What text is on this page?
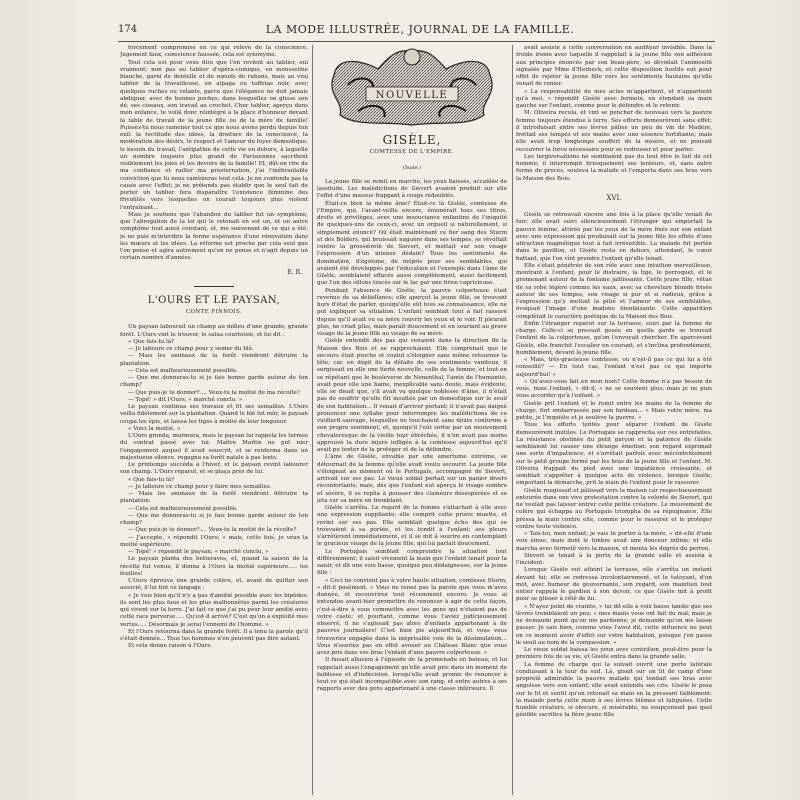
174	LA MODE ILLUSTRÉE, JOURNAL DE LA FAMILLE.

forcément compromise en ce qui relève de la conscience. Jugement faux, conscience faussée, cela est synonyme.

Tout cela est pour vous dire que l'on revient au tablier, oui vraiment; non pas au tablier d'opéra-comique, en mousseline blanche, garni de dentelle et de nœuds de rubans, mais au vrai tablier de la travailleuse, en alpaga ou taffetas noir, avec quelques ruches ou volants, parce que l'élégance ne doit jamais abdiquer, avec de bonnes poches, dans lesquelles on glisse son dé, ses ciseaux, son travail au crochet. Cher tablier, aperçu dans mon enfance, te voilà donc réintégré à la place d'honneur devant la table de travail de la jeune fille ou de la mère de famille! Puisses-tu nous ramener tout ce que nous avons perdu depuis ton exil: la rectitude des idées, la droiture de la conscience, la modération des désirs, le respect et l'amour du foyer domestique, le besoin du travail, l'antipathie de cette vie en dehors, à laquelle un nombre toujours plus grand de Parisiennes sacrifient visiblement les joies et les devoirs de la famille! Et, dût-on rire de ma confiance et railler ma prosternation, j'ai l'inébranlable conviction que tu nous ramèneras tout cela. Je ne confonds pas la cause avec l'effet; je ne prétends pas établir que le seul fait de porter un tablier fera disparaître l'existence féminine des frivolités vers lesquelles on courait toujours plus violent l'entraînant...

Mais je soutiens que l'abandon du tablier fut un symptôme, que l'abrogation de la loi qui le retenait en est un, et un autre symptôme tout aussi constant, et, me souvenant de ce qui a été, je ne puis m'interdire la ferme espérance d'une rénovation dans les mœurs et les idées. La réforme est proche par cela seul que l'on pense et agira autrement qu'on ne pense et n'agit depuis un certain nombre d'années.

E. R.

L'OURS ET LE PAYSAN,
CONTE FINNOIS.

Un paysan labourait un champ au milieu d'une grande, grande forêt. L'Ours vint le trouver, le salua courtoisie, et lui dit :

« Que fais-tu là?

— Je laboure ce champ pour y semer du blé.

— Mais les animaux de la forêt viendront détruire ta plantation.

— Cela est malheureusement possible.

— Que me donneras-tu si je fais bonne garde autour de ton champ?

— Que puis-je te donner?.... Veux-tu la moitié de ma récolte?

— Topé! » dit l'Ours; « marché conclu. »

Le paysan continua ses travaux et fit ses semailles. L'Ours veilla fidèlement sur la plantation. Quand le blé fut mûr, le paysan coupa les épis, et laissa les tiges à moitié de leur longueur.

« Voici la moitié. »

L'Ours gronda, murmura, mais le paysan lui rappela les termes du contrat passé avec lui. Maître Martin ne put nier l'engagement auquel il avait souscrit, et se renferma dans un majestueux silence, regagna sa forêt natale à pas lents.

Le printemps succéda à l'hiver, et le paysan revint labourer son champ. L'Ours reparut, et se plaça près de lui.

« Que fais-tu là?

— Je laboure ce champ pour y faire mes semailles.

— Mais les animaux de la forêt viendront détruire ta plantation.

— Cela est malheureusement possible.

— Que me donneras-tu si je fais bonne garde autour de ton champ?

— Que puis-je te donner?.... Veux-tu la moitié de la récolte?

— J'accepte, » répondit l'Ours; « mais, cette fois, je veux la moitié supérieure.

— Topé! » répondit le paysan; « marché conclu. »

Le paysan planta des betteraves, et, quand la saison de la récolte fut venue, il donna à l'Ours la moitié supérieure..... les feuilles!

L'Ours éprouva une grande colère, et, avant de quitter son associé, il lui tint ce langage :

« Je vois bien qu'il n'y a pas d'amitié possible avec les bipèdes: ils sont les plus faux et les plus malhonnêtes parmi les créatures qui vivent sur la terre. J'ai fait ce que j'ai pu pour leur amitié avec cette race perverse..... Qu'est-il arrivé? C'est qu'on a exploité mes vertus..... Désormais je serai l'ennemi de l'homme. »

Et l'Ours retourna dans la grande forêt. Il a tenu la parole qu'il s'était donnée... Tous les hommes n'en peuvent pas dire autant.

Et cela donne raison à l'Ours.

NOUVELLE
GISÈLE,
COMTESSE DE L'EMPIRE.
(Suite.)

La jeune fille se remit en marche, les yeux baissés, accablée de lassitude. Les malédictions de Sievert avaient produit sur elle l'effet d'une massue frappant à coups redoublés.

Était-ce bien la même âme? Était-ce là Gisèle, comtesse de l'Empire, qui, l'avant-veille encore, énumérait tous ses titres, droits et privilèges, avec une insouciance enfantine de l'iniquité de quelques-uns de ceux-ci, avec un orgueil si naturellement, si simplement énoncé? Où était maintenant ce fier sang des Sturm et des Bolders, qui bruissait naguère dans ses tempes, se révoltait contre la grossièreté de Sievert, et mettait sur son visage l'expression d'un intense dédain? Tous les sentiments de domination, d'égoïsme, de mépris pour ses semblables, qui avaient été développés par l'éducation et l'exemple dans l'âme de Gisèle, semblaient effacés aussi complètement, aussi facilement que l'un des sillons tracés sur le lac par une brise capricieuse.

Pendant l'absence de Gisèle, la pauvre colporteuse était revenue de sa défaillance; elle aperçut la jeune fille, se trouvant hors d'état de parler, quoiqu'elle eût tous sa connaissance, elle ne put expliquer sa situation. L'enfant semblait tout à fait rassuré depuis qu'il avait vu sa mère rouvrir les yeux et le voir. Il pleurait plus, ne criait plus, mais paraît doucement et en souriant au grave visage de la jeune fille au visage de sa mère.

Gisèle entendit des pas qui venaient dans la direction de la Maison des Bois et se rapprochaient. Elle comprenait que le secours était proche et voulut s'éloigner sans même retourner la tête; car, en dépit de la défaite de ses sentiments vaniteux, il surgissait en elle une fierté nouvelle, celle de la femme, et tout en se répétant que le bouleverse de Nenenthal, l'amie de l'humanité, avait pour elle une haine, inexplicable sans doute, mais évidente, elle se disait que, s'il avait vu quelque noblesse d'âme, il n'était pas de souffrir qu'elle fût insultée par un domestique sur le seuil de son habitation... Il venait d'arriver portant; il n'avait pas daigné prononcer une syllabe pour interrompre les malédictions de ce vieillard sauvage, lesquelles ne touchaient sans doute conforme à son propre sentiment, et, quoiqu'il l'eût sortie par un mouvement chevaleresque de la vieille tour ébréchée, il n'en avait pas moins approuvé la dure injure infligée à la comtesse aujourd'hui qu'il avait pu tenter de la protéger et de la défendre.

L'âme de Gisèle, envahie par une amertume extrême, se détournait de la femme qu'elle avait voulu secourir. La jeune fille s'éloignait au moment où le Portugais, accompagné de Sievert, arrivait sur ses pas. Le vieux soldat portait sur un panier divers réconfortants; mais, dès que l'enfant eut aperçu le visage sombre et sévère, il se replia à pousser des clameurs désespérées et se jeta sur sa mère en tremblant.

Gisèle s'arrêta. Le regard de la femme s'attachait à elle avec une expression suppliante; elle comprit cette prière muette, et revint sur ses pas. Elle semblait quelque écho des qui se trouvaient à sa portée, et les tendit à l'enfant; ses pleurs s'arrêtèrent immédiatement, et il se mit à sourire en contemplant le gracieux visage de la jeune fille, qui lui parlait doucement.

Le Portugais semblait comprendre la situation tout différemment; il saisit vivement la main que l'enfant tenait pour la saisir, et dit une voix basse, quoique peu dédaigneuse, sur la jeune fille :

« Ceci ne convient pas à votre haute situation, comtesse Sturm, » dit-il posément. « Vous ne tenez pas la parole que vous m'avez donnée, et recouvrirez tout récemment encore. Je vous ai entendue avant-hier promettre de renoncer à agir de cette façon, c'est-à-dire à vous commettre avec les gens qui n'étaient pas de votre caste; et pourtant, comme vous l'aviez judicieusement observé, il ne s'agissait pas alors d'enfants appartenant à de pauvres journaliers! C'est bien pis aujourd'hui, et vous vous trouveriez engagée dans la méprisable voie de la dissimulation... Vous n'oseriez pas en effet avouer au Château Blanc que vous avez pris dans vos bras l'enfant d'une pauvre colporteuse. »

Il faisait allusion à l'épisode de la promenade en bateau, et lui rappelait aussi l'engagement qu'elle avait pris dans un moment de faiblesse et d'indécision, lorsqu'elle avait promis de renoncer à tout ce qui était incompatible avec son rang, et entre autres à ses rapports avec des gens appartenant à une classe inférieure. Il

avait assisté à cette conversation en auditeur invisible. Dans la froide ironie avec laquelle il rappelait à la jeune fille son adhésion aux principes énoncés par son beau-père, se dévoilait l'animosité signalée par Mme d'Herbeck, et cette disposition hostile eut pour effet de rejeter la jeune fille vers les sentiments hautains qu'elle venait de renier.

« La responsabilité de mes actes m'appartient, et n'appartient qu'à moi, » répondit Gisèle avec fermeté, en étendant sa main gauche sur l'enfant, comme pour le défendre et le retenir.

M. Oliveira recula, et vint se pencher de nouveau vers la pauvre femme toujours étendue à terre. Ses efforts demeurèrent sans effet; il introduisait entre ses lèvres pâlies un peu de vin de Madère, frottait ses tempes et ses mains avec une essence fortifiante; mais elle avait trop longtemps souffert de la misère, et ne pouvait recouvrer la force nécessaire pour se redresser et pour parler.

Les tergiversations ne semblaient pas du tout être le fait de cet homme; il interrompit brusquement ses lenteurs, et, sans autre forme de procès, souleva la malade et l'emporta dans ses bras vers la Maison des Bois.

XVI.

Gisèle se retrouvait encore une fois à la place qu'elle venait de fuir; elle avait suivi silencieusement l'étranger qui emportait la pauvre femme, attirée par les yeux de la mère fixés sur son enfant avec une expression qui produisait sur la jeune fille les effets d'une attraction magnétique tout à fait irrésistible. La malade fut portée dans le pavillon, et Gisèle resta en dehors, attendant, le cœur battant, que l'on vînt prendre l'enfant qu'elle tenait.

Elle s'était pénétrée de son rôle avec une intuition merveilleuse, montrant à l'enfant, pour le distraire, la tige, le perroquet, et le promenant autour de la fontaine jaillissante. Cette jeune fille, vêtue de sa robe légère comme les eaux, avec sa chevelure blonde frisée autour de ses tempes, son visage si pur et si radieux, grâce à l'expression qu'y mettait la pitié et l'amour de ses semblables, évoquait l'image d'une madone bienfaisante. Cette apparition complétait le caractère poétique de la Maison des Bois.

Enfin l'étranger reparut sur la terrasse, suivi par la femme de charge. Celle-ci se pressait posée en quelle garde se trouvait l'enfant de la colporteuse, qu'on l'envoyait chercher. En apercevant Gisèle, elle franchit l'escalier en courant, et s'inclina profondément, humblement, devant la jeune fille.

« Mais, très-gracieuse comtesse, ou n'est-il pas ce qui lui a été conseillé? — En tout cas, l'enfant n'est pas ce qui importe aujourd'hui! »

« Qu'avez-vous fait en mon nom? Cette femme n'a pas besoin de vous, mais l'enfant, » dit-il, « ne se souvient plus; mais je ne puis vous accorder qu'à l'enfant. »

Gisèle prit l'enfant et le remit entre les mains de la femme de charge, fort embarrassée par son fardeau... « Mais votre mère, ma petite, je l'inquiète et je soulève la guerre. »

Tous les efforts tentés pour séparer l'enfant de Gisèle demeurèrent inutiles. Le Portugais se rapprocha sur ces entrefaites. La résistance obstinée du petit garçon et la patience de Gisèle semblaient lui causer une étrange émotion; son regard exprimait une sorte d'impatience, et s'arrêtait parfois avec mécontentement sur le petit groupe formé par les bras de la jeune fille et l'enfant. M. Oliveira frappait du pied avec une impatience croissante, et semblait s'apprêter à quelque acte de violence, lorsque Gisèle, emportant la démarche, prit la main de l'enfant pour le rassurer.

Gisèle rougissait et pâlissait vers la maison car respectueusement entourée dans une vive protestation contre la volonté de Sievert, qui ne voulait pas laisser entrer cette petite créature. Le mouvement de colère qui échappa au Portugais triompha de sa répugnance. Elle pressa la main contre elle, comme pour le rassurer et le protéger contre toute violence.

« Tais-toi, mon enfant; je vais te porter à ta mère, » dit-elle d'une voix émue, mais dont le timbre avait une douceur infinie; et elle marcha avec fermeté vers la maison, et monta les degrés du perron.

Sievert se tenait à la porte de la grande salle et assista à l'incident.

Lorsque Gisèle eut atteint la terrasse, elle s'arrêta un instant devant lui; elle se redressa involontairement, et le tutoyant, d'un mot, avec humeur de gouvernante, son regard, son maintien tout entier rappela le gardien à son devoir, ce que Gisèle mit à profit pour se glisser à côté de lui.

« N'ayez point de crainte, » lui dit-elle à voix basse tandis que ses lèvres tremblaient un peu; « mes mains vous ont fait du mal; mais je ne demande point qu'on me pardonne; je demande qu'on me laisse passer. Je sais bien, comme vous l'avez dit, cette influence ne peut en ce moment avoir d'effet sur votre habitation, puisque j'en passe le seuil au nom de la compassion. »

Le vieux soldat baissa les yeux avec contrition, peut-être pour la première fois de sa vie, et Gisèle entra dans la grande salle.

La femme de charge qui la suivait ouvrit une porte latérale conduisant à la tour du sud. Là, gisait sur un lit de camp d'une propreté admirable la pauvre malade qui tendait ses bras avec angoisse vers son enfant; elle avait entendu ses cris. Gisèle le posa sur le lit et sentit qu'on retenait sa main en la pressant faiblement: la malade porta cette main à ses lèvres blêmes et fatiguées. Cette humble créature, si obscure, si misérable, ne soupçonnait pas quel pénible sacrifice la fière jeune fille
